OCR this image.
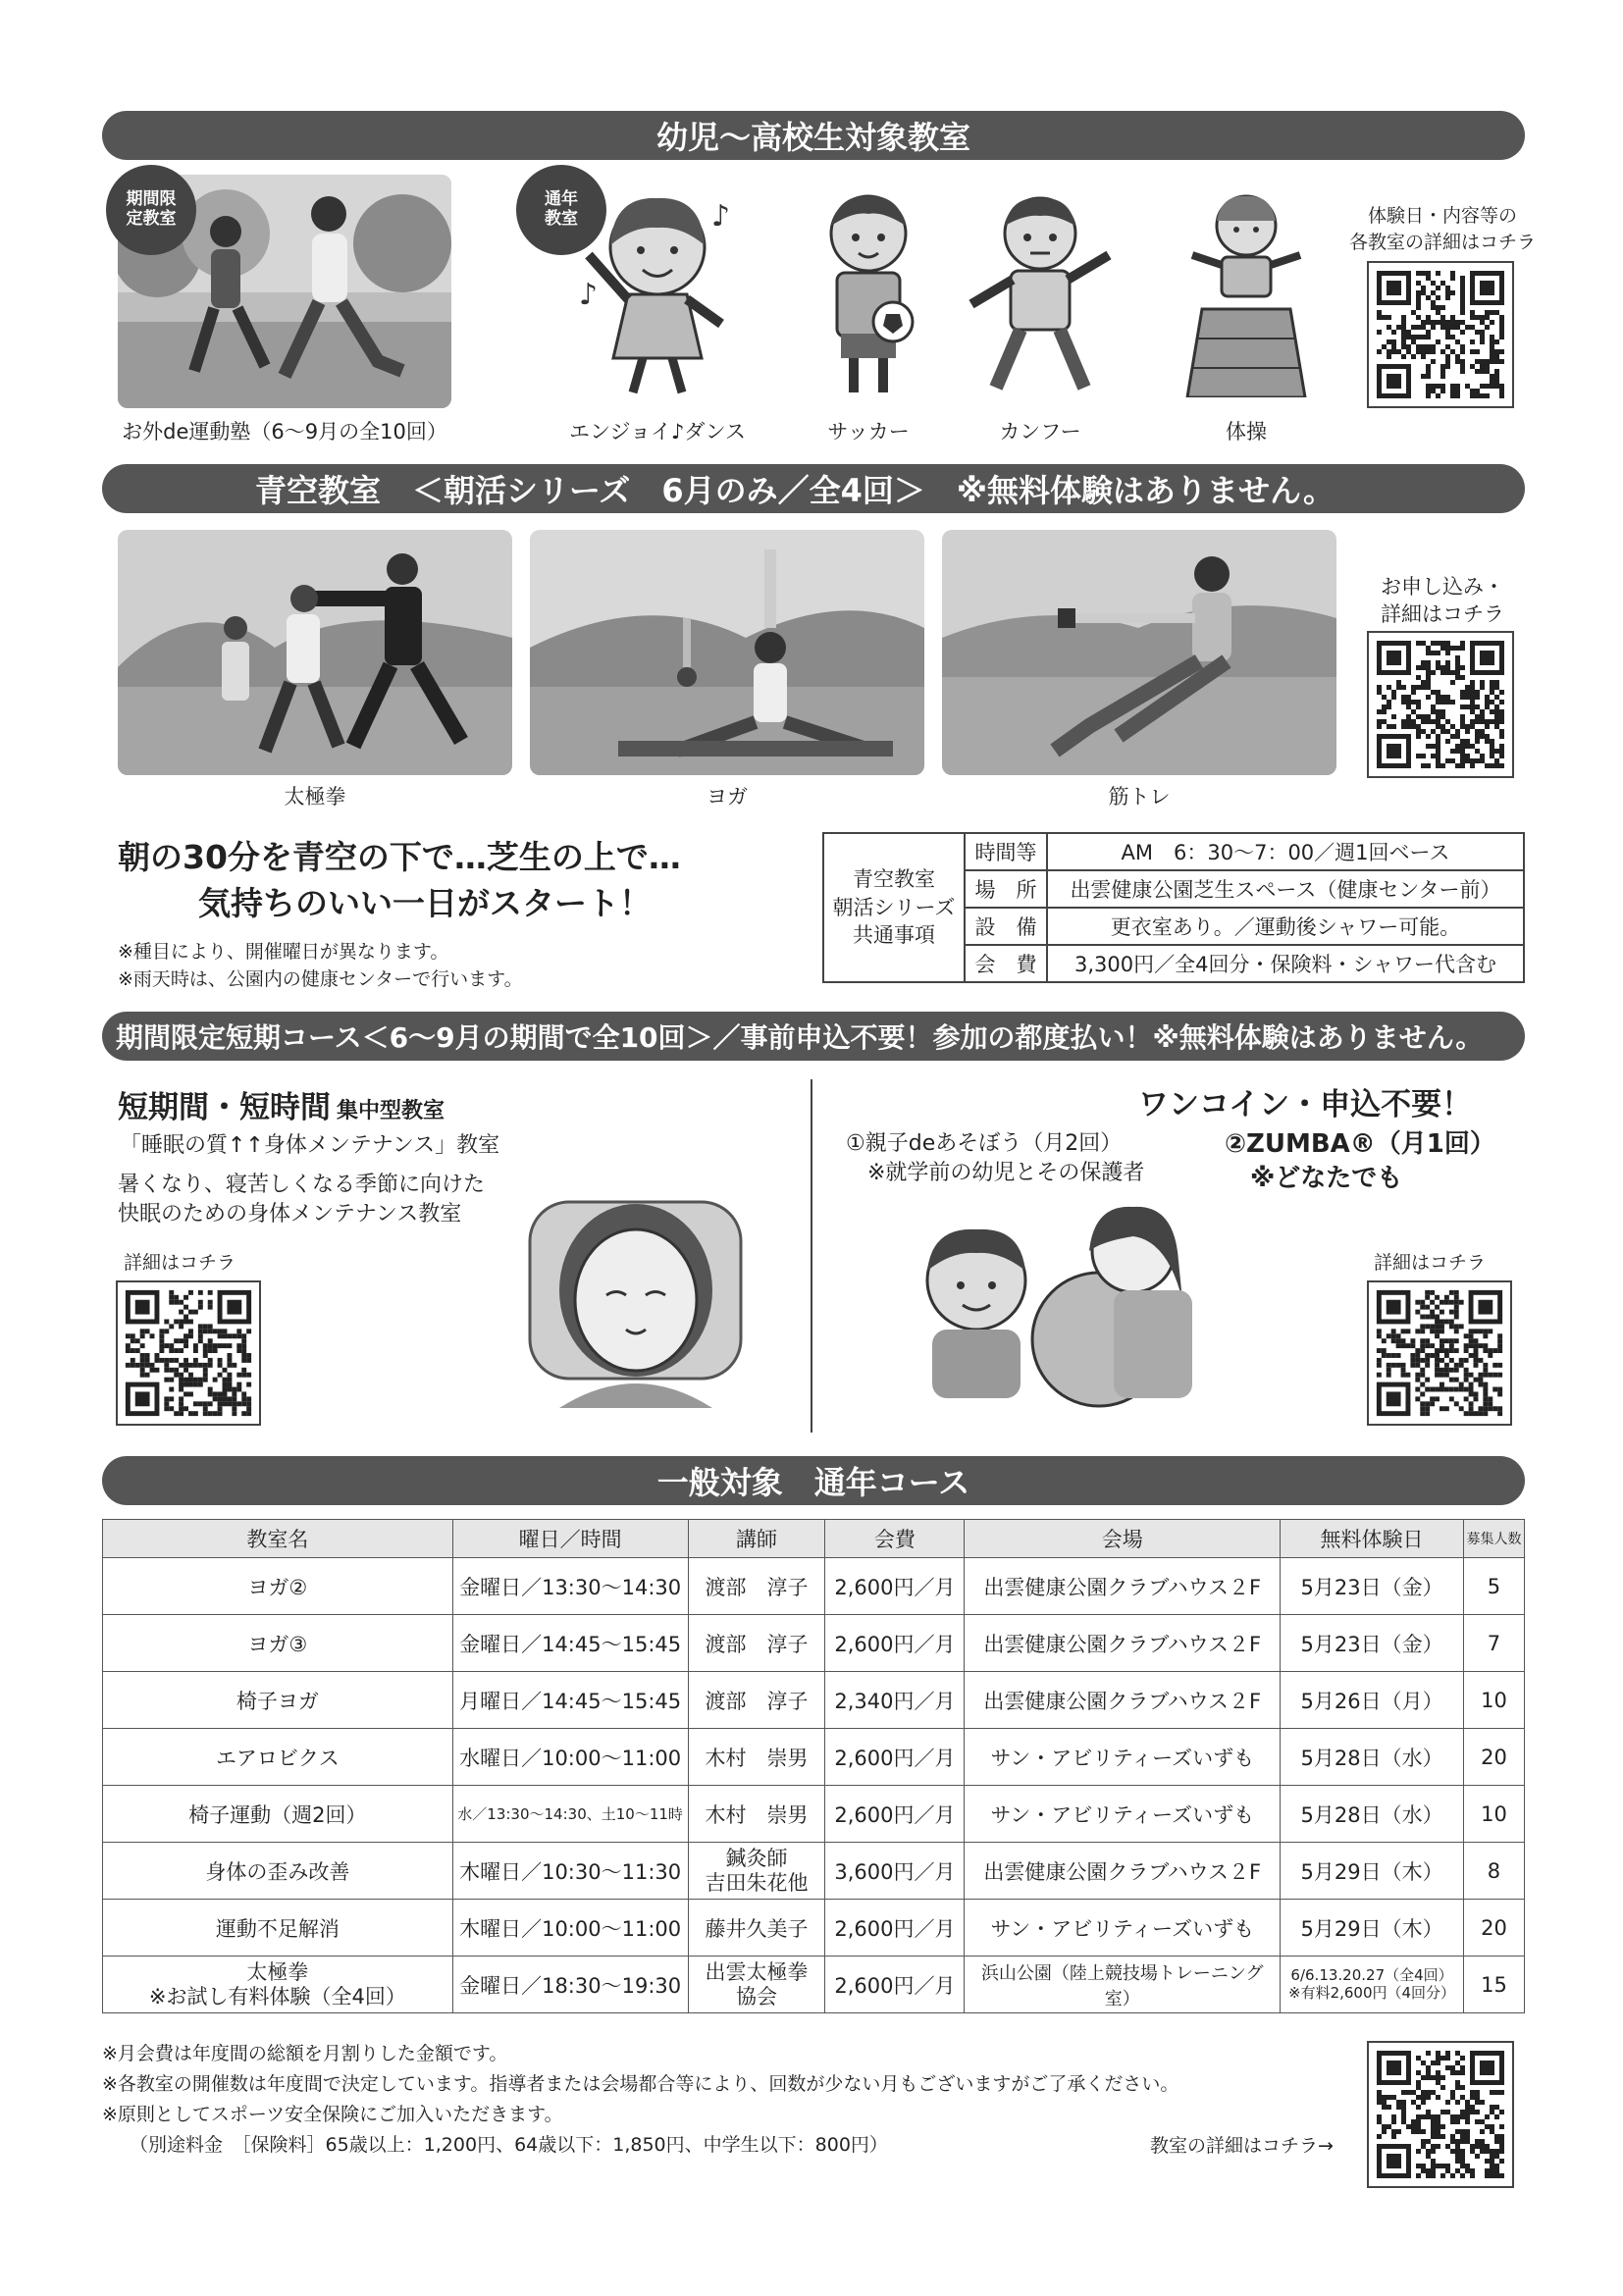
幼児〜高校生対象教室
期間限定教室
お外de運動塾（6〜9月の全10回）
通年教室
♪
♪
エンジョイ♪ダンス	サッカー	カンフー	体操
体験日・内容等の
各教室の詳細はコチラ
青空教室　＜朝活シリーズ　6月のみ／全4回＞　※無料体験はありません。
太極拳	ヨガ	筋トレ
お申し込み・
詳細はコチラ
朝の30分を青空の下で…芝生の上で…
気持ちのいい一日がスタート！
※種目により、開催曜日が異なります。
※雨天時は、公園内の健康センターで行います。
青空教室
朝活シリーズ
共通事項	時間等	AM　6：30〜7：00／週1回ベース
	場　所	出雲健康公園芝生スペース（健康センター前）
	設　備	更衣室あり。／運動後シャワー可能。
	会　費	3,300円／全4回分・保険料・シャワー代含む
期間限定短期コース＜6〜9月の期間で全10回＞／事前申込不要！参加の都度払い！※無料体験はありません。
短期間・短時間 集中型教室
「睡眠の質↑↑身体メンテナンス」教室
暑くなり、寝苦しくなる季節に向けた
快眠のための身体メンテナンス教室
詳細はコチラ
ワンコイン・申込不要！
①親子deあそぼう（月2回）
※就学前の幼児とその保護者
②ZUMBA®（月1回）
※どなたでも
詳細はコチラ
一般対象　通年コース
教室名	曜日／時間	講師	会費	会場	無料体験日	募集人数
ヨガ②	金曜日／13:30〜14:30	渡部　淳子	2,600円／月	出雲健康公園クラブハウス２F	5月23日（金）	5
ヨガ③	金曜日／14:45〜15:45	渡部　淳子	2,600円／月	出雲健康公園クラブハウス２F	5月23日（金）	7
椅子ヨガ	月曜日／14:45〜15:45	渡部　淳子	2,340円／月	出雲健康公園クラブハウス２F	5月26日（月）	10
エアロビクス	水曜日／10:00〜11:00	木村　崇男	2,600円／月	サン・アビリティーズいずも	5月28日（水）	20
椅子運動（週2回）	水／13:30〜14:30、土10〜11時	木村　崇男	2,600円／月	サン・アビリティーズいずも	5月28日（水）	10
身体の歪み改善	木曜日／10:30〜11:30	鍼灸師
吉田朱花他	3,600円／月	出雲健康公園クラブハウス２F	5月29日（木）	8
運動不足解消	木曜日／10:00〜11:00	藤井久美子	2,600円／月	サン・アビリティーズいずも	5月29日（木）	20
太極拳
※お試し有料体験（全4回）	金曜日／18:30〜19:30	出雲太極拳
協会	2,600円／月	浜山公園（陸上競技場トレーニング室）	6/6.13.20.27（全4回）
※有料2,600円（4回分）	15
※月会費は年度間の総額を月割りした金額です。
※各教室の開催数は年度間で決定しています。指導者または会場都合等により、回数が少ない月もございますがご了承ください。
※原則としてスポーツ安全保険にご加入いただきます。
（別途料金　［保険料］65歳以上：1,200円、64歳以下：1,850円、中学生以下：800円）	教室の詳細はコチラ→
